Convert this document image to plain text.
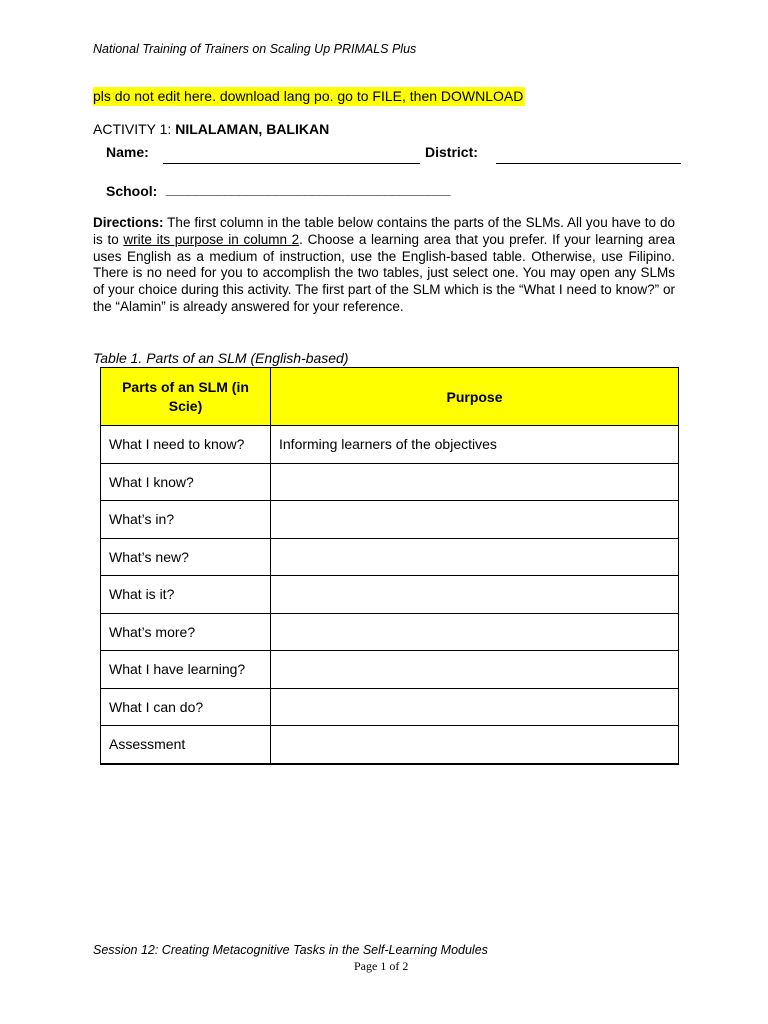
National Training of Trainers on Scaling Up PRIMALS Plus
pls do not edit here. download lang po. go to FILE, then DOWNLOAD
ACTIVITY 1: NILALAMAN, BALIKAN
Name:	District:
School: _______________________________________
Directions: The first column in the table below contains the parts of the SLMs. All you have to do is to write its purpose in column 2. Choose a learning area that you prefer. If your learning area uses English as a medium of instruction, use the English-based table. Otherwise, use Filipino. There is no need for you to accomplish the two tables, just select one. You may open any SLMs of your choice during this activity. The first part of the SLM which is the “What I need to know?” or the “Alamin” is already answered for your reference.
Table 1. Parts of an SLM (English-based)
Parts of an SLM (in Scie)	Purpose
What I need to know?	Informing learners of the objectives
What I know?	
What’s in?	
What’s new?	
What is it?	
What’s more?	
What I have learning?	
What I can do?	
Assessment	
Session 12: Creating Metacognitive Tasks in the Self-Learning Modules
Page 1 of 2
